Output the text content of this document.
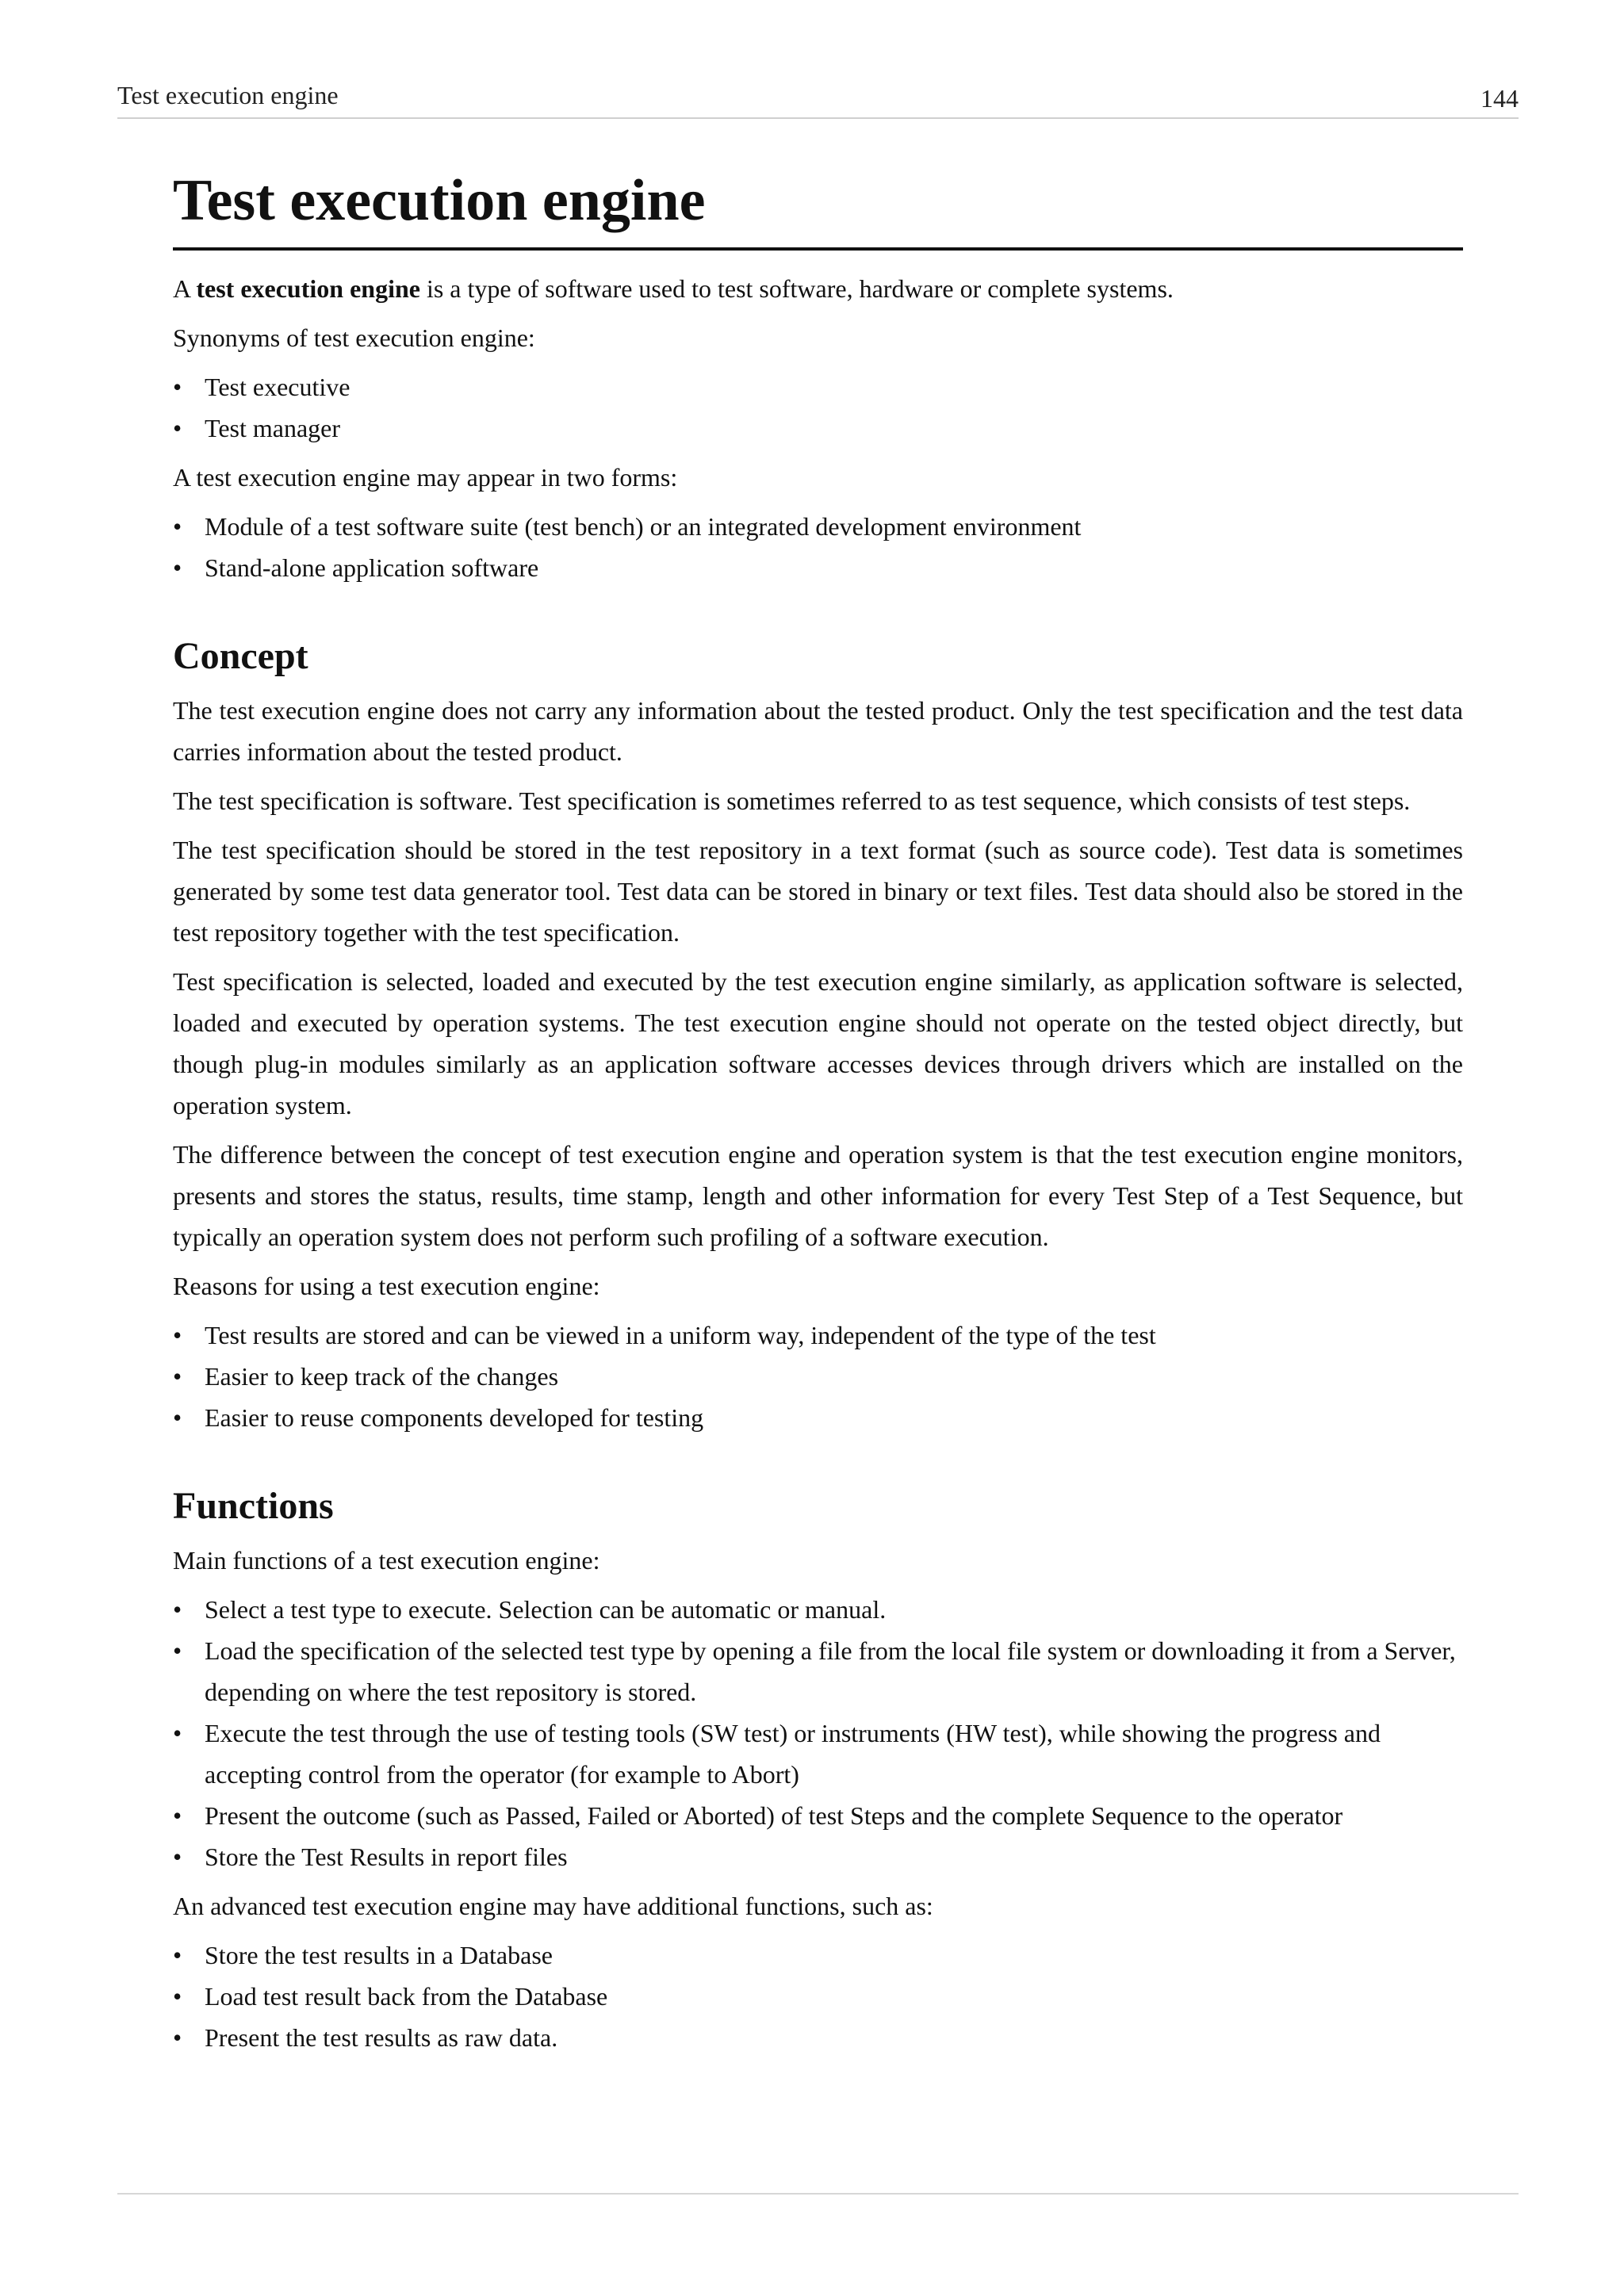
Test execution engine	144
Test execution engine

A test execution engine is a type of software used to test software, hardware or complete systems.

Synonyms of test execution engine:

• Test executive
• Test manager

A test execution engine may appear in two forms:

• Module of a test software suite (test bench) or an integrated development environment
• Stand-alone application software
Concept

The test execution engine does not carry any information about the tested product. Only the test specification and the test data carries information about the tested product.

The test specification is software. Test specification is sometimes referred to as test sequence, which consists of test steps.

The test specification should be stored in the test repository in a text format (such as source code). Test data is sometimes generated by some test data generator tool. Test data can be stored in binary or text files. Test data should also be stored in the test repository together with the test specification.

Test specification is selected, loaded and executed by the test execution engine similarly, as application software is selected, loaded and executed by operation systems. The test execution engine should not operate on the tested object directly, but though plug-in modules similarly as an application software accesses devices through drivers which are installed on the operation system.

The difference between the concept of test execution engine and operation system is that the test execution engine monitors, presents and stores the status, results, time stamp, length and other information for every Test Step of a Test Sequence, but typically an operation system does not perform such profiling of a software execution.

Reasons for using a test execution engine:

• Test results are stored and can be viewed in a uniform way, independent of the type of the test
• Easier to keep track of the changes
• Easier to reuse components developed for testing
Functions

Main functions of a test execution engine:

• Select a test type to execute. Selection can be automatic or manual.
• Load the specification of the selected test type by opening a file from the local file system or downloading it from a Server, depending on where the test repository is stored.
• Execute the test through the use of testing tools (SW test) or instruments (HW test), while showing the progress and accepting control from the operator (for example to Abort)
• Present the outcome (such as Passed, Failed or Aborted) of test Steps and the complete Sequence to the operator
• Store the Test Results in report files

An advanced test execution engine may have additional functions, such as:

• Store the test results in a Database
• Load test result back from the Database
• Present the test results as raw data.
